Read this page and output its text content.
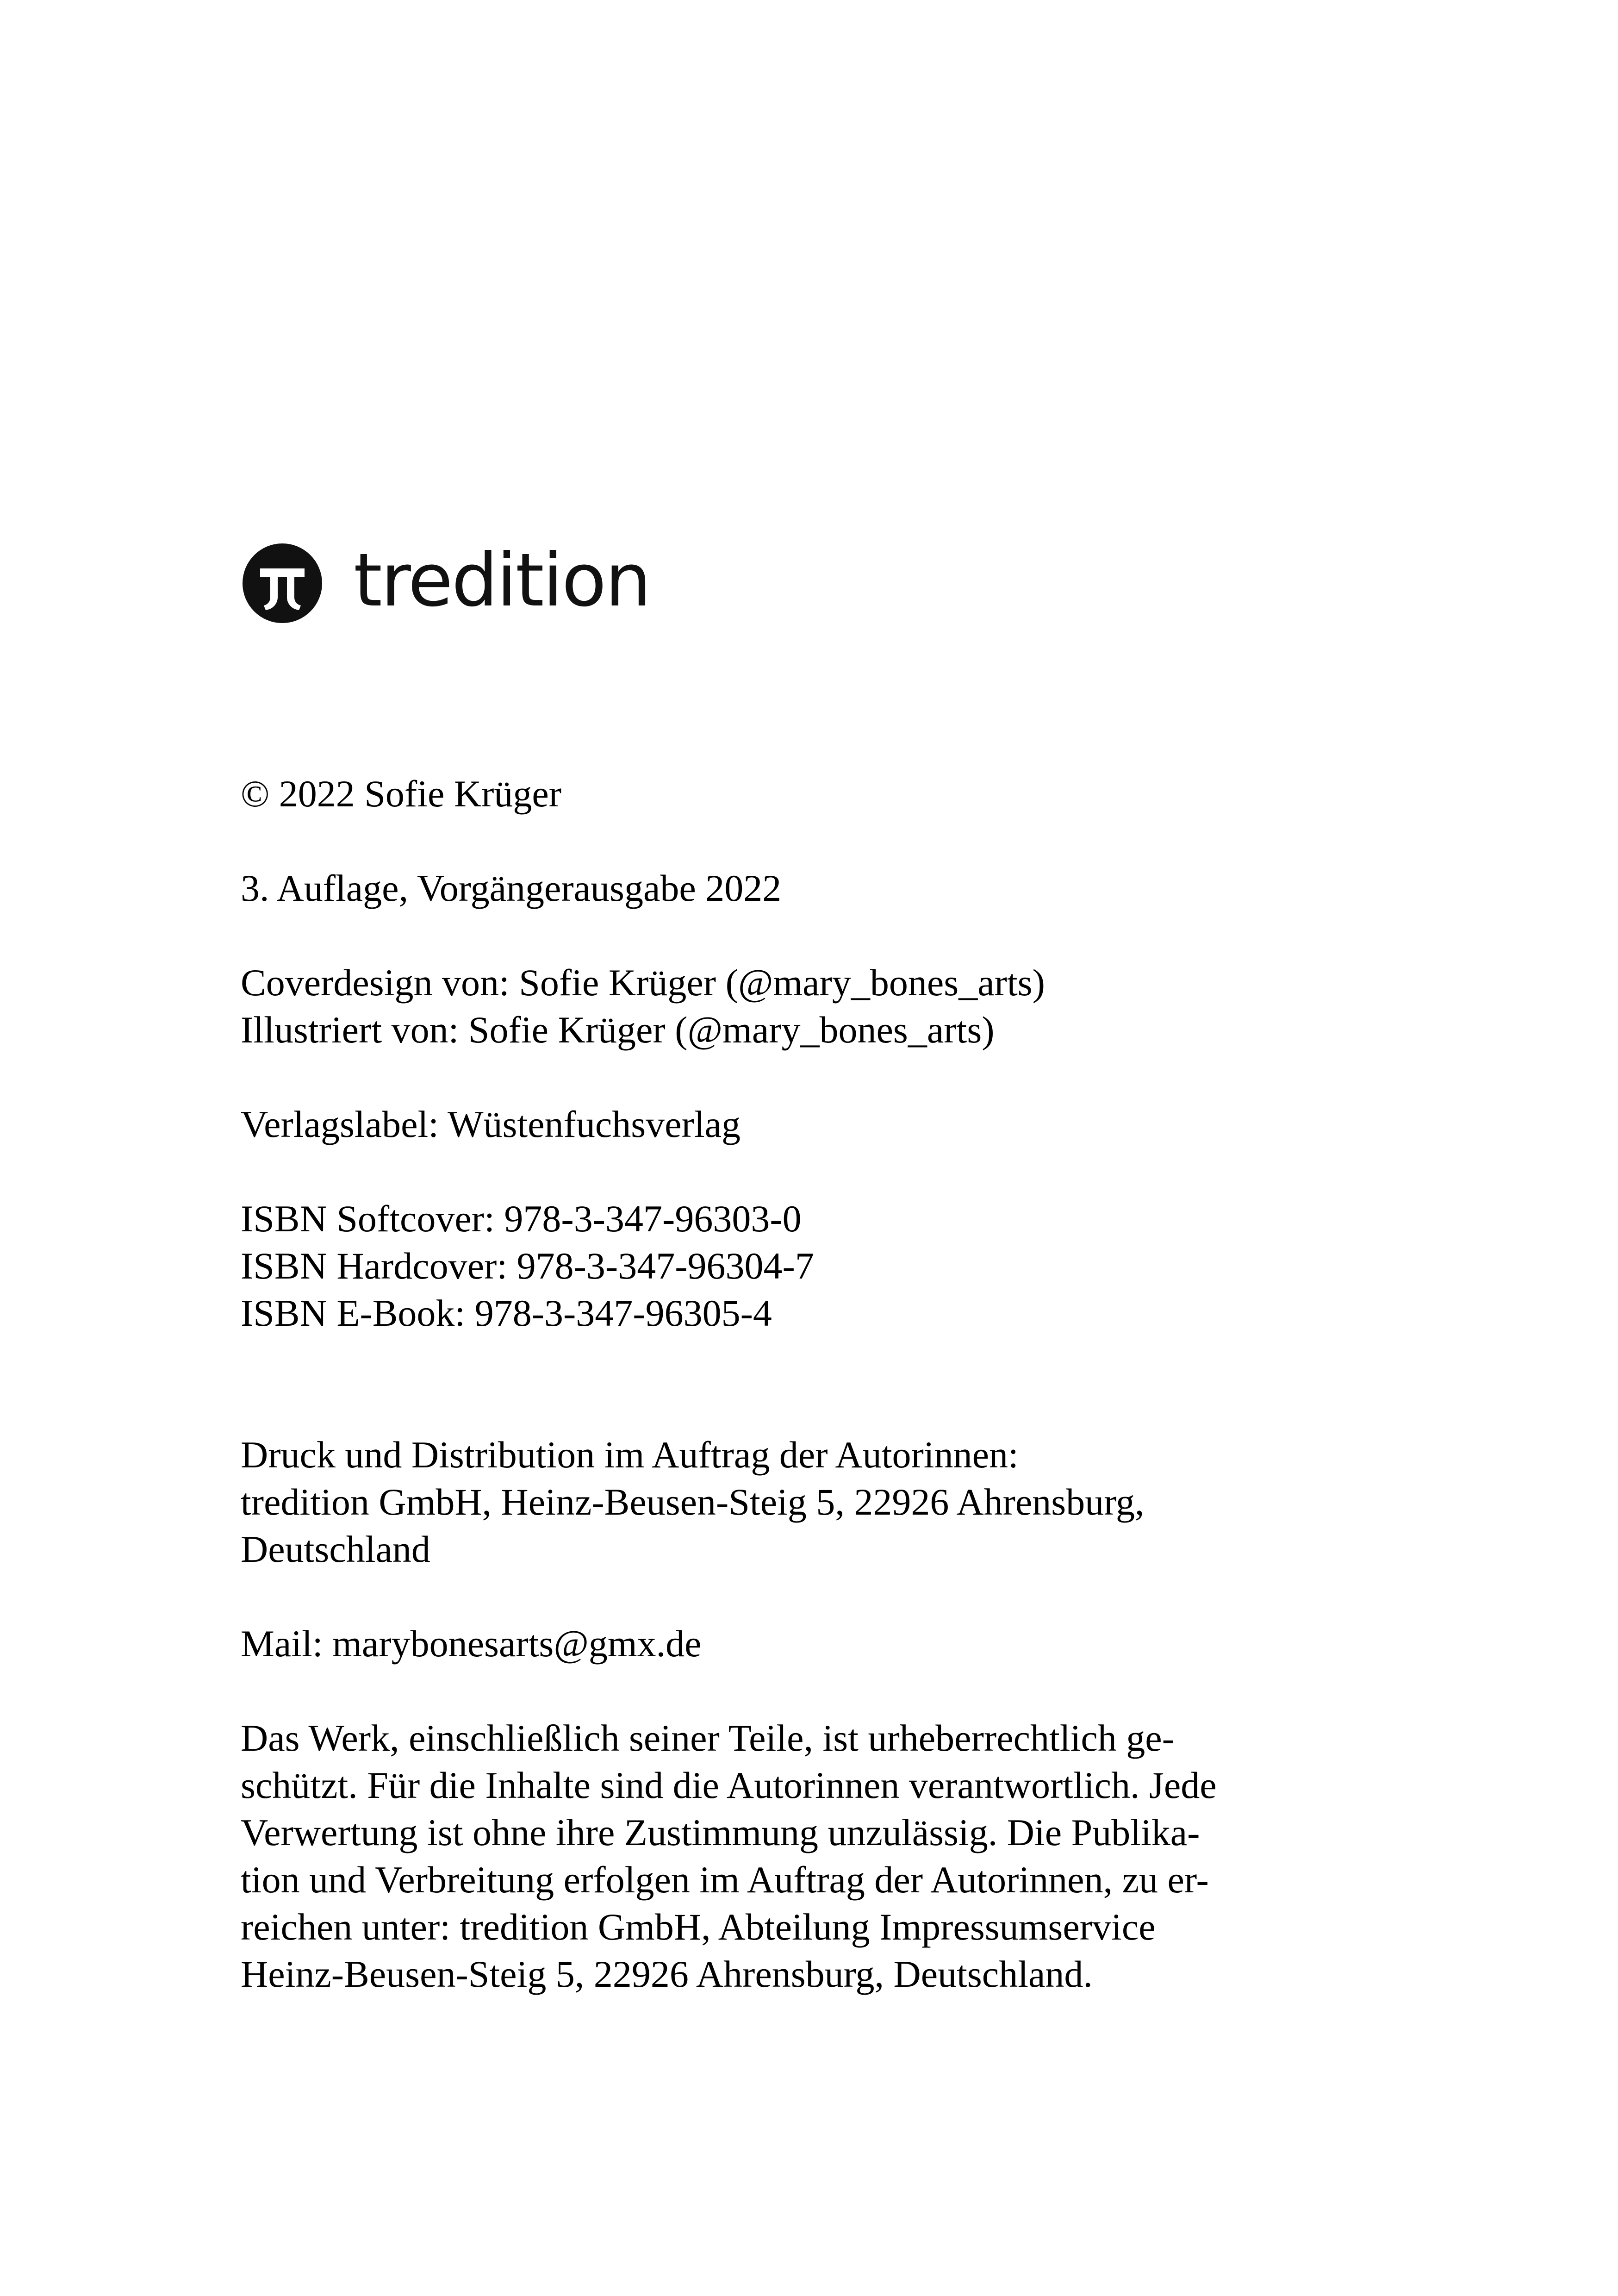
tredition
© 2022 Sofie Krüger
3. Auflage, Vorgängerausgabe 2022
Coverdesign von: Sofie Krüger (@mary_bones_arts)
Illustriert von: Sofie Krüger (@mary_bones_arts)
Verlagslabel: Wüstenfuchsverlag
ISBN Softcover: 978-3-347-96303-0
ISBN Hardcover: 978-3-347-96304-7
ISBN E-Book: 978-3-347-96305-4
Druck und Distribution im Auftrag der Autorinnen:
tredition GmbH, Heinz-Beusen-Steig 5, 22926 Ahrensburg,
Deutschland
Mail: marybonesarts@gmx.de
Das Werk, einschließlich seiner Teile, ist urheberrechtlich ge-
schützt. Für die Inhalte sind die Autorinnen verantwortlich. Jede
Verwertung ist ohne ihre Zustimmung unzulässig. Die Publika-
tion und Verbreitung erfolgen im Auftrag der Autorinnen, zu er-
reichen unter: tredition GmbH, Abteilung Impressumservice
Heinz-Beusen-Steig 5, 22926 Ahrensburg, Deutschland.
